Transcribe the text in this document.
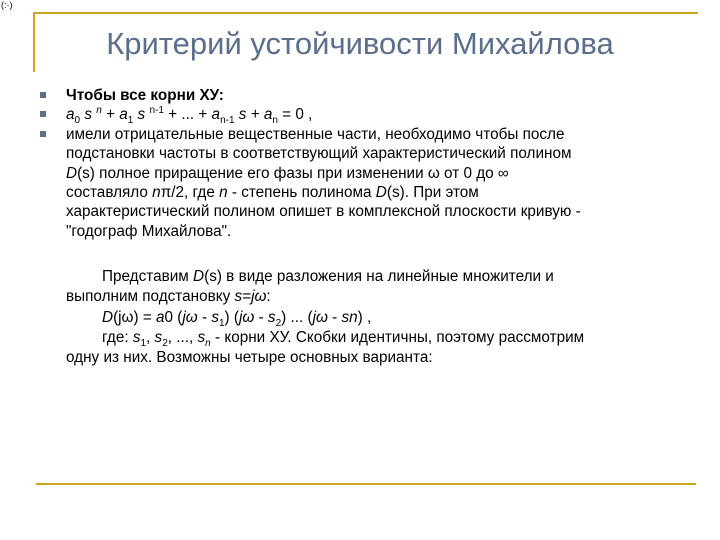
(:·)
Критерий устойчивости Михайлова
Чтобы все корни ХУ:
$a_0$ s $^n + a_1$ s $^{n-1}$ + ... + $a_{n-1}$ $s + a_n = 0$ ,
имели отрицательные вещественные части, необходимо чтобы после
подстановки частоты в соответствующий характеристический полином
D(s) полное приращение его фазы при изменении ω от 0 до ∞
составляло nπ/2, где n - степень полинома D(s). При этом
характеристический полином опишет в комплексной плоскости кривую -
"годограф Михайлова".
Представим D(s) в виде разложения на линейные множители и
выполним подстановку s=jω:
D(jω) = a0 $(j\omega - s_1)$ $(j\omega - s_2)$ ... (jω - sn) ,
где: $s_1$, $s_2$, ..., $s_n$ - корни ХУ. Скобки идентичны, поэтому рассмотрим
одну из них. Возможны четыре основных варианта:
